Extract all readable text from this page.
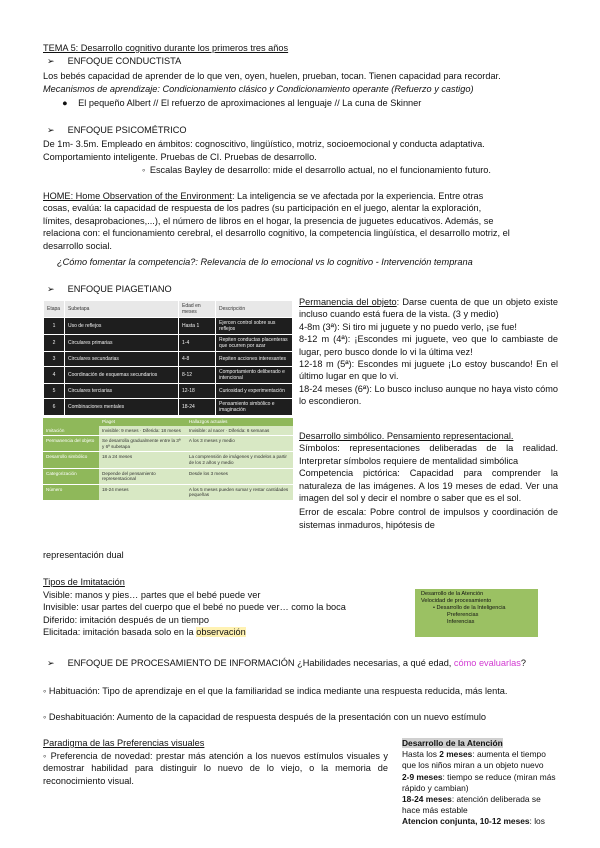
TEMA 5: Desarrollo cognitivo durante los primeros tres años
➢ ENFOQUE CONDUCTISTA
Los bebés capacidad de aprender de lo que ven, oyen, huelen, prueban, tocan. Tienen capacidad para recordar.
Mecanismos de aprendizaje: Condicionamiento clásico y Condicionamiento operante (Refuerzo y castigo)
● El pequeño Albert // El refuerzo de aproximaciones al lenguaje // La cuna de Skinner
➢ ENFOQUE PSICOMÉTRICO
De 1m- 3.5m. Empleado en ámbitos: cognoscitivo, lingüístico, motriz, socioemocional y conducta adaptativa.
Comportamiento inteligente. Pruebas de CI. Pruebas de desarrollo.
◦ Escalas Bayley de desarrollo: mide el desarrollo actual, no el funcionamiento futuro.
HOME: Home Observation of the Environment: La inteligencia se ve afectada por la experiencia. Entre otras
cosas, evalúa: la capacidad de respuesta de los padres (su participación en el juego, alentar la exploración,
límites, desaprobaciones,...), el número de libros en el hogar, la presencia de juguetes educativos. Además, se
relaciona con: el funcionamiento cerebral, el desarrollo cognitivo, la competencia lingüística, el desarrollo motriz, el
desarrollo social.
¿Cómo fomentar la competencia?: Relevancia de lo emocional vs lo cognitivo - Intervención temprana
➢ ENFOQUE PIAGETIANO
Etapa	Subetapa	Edad en meses	Descripción
1	Uso de reflejos	Hasta 1	Ejercen control sobre sus reflejos
2	Circulares primarias	1-4	Repiten conductas placenteras que ocurren por azar
3	Circulares secundarias	4-8	Repiten acciones interesantes
4	Coordinación de esquemas secundarios	8-12	Comportamiento deliberado e intencional
5	Circulares terciarias	12-18	Curiosidad y experimentación
6	Combinaciones mentales	18-24	Pensamiento simbólico e imaginación
	Piaget	Hallazgos actuales
Imitación	Invisible: 9 meses · Diferida: 18 meses	Invisible: al nacer · Diferida: 6 semanas
Permanencia del objeto	Se desarrolla gradualmente entre la 3ª y 6ª subetapa	A los 3 meses y medio
Desarrollo simbólico	18 a 24 meses	La comprensión de imágenes y modelos a partir de los 2 años y medio
Categorización	Depende del pensamiento representacional	Desde los 3 meses
Número	18-24 meses	A los 5 meses pueden sumar y restar cantidades pequeñas
Permanencia del objeto: Darse cuenta de que un objeto existe incluso cuando está fuera de la vista. (3 y medio)
4-8m (3ª): Si tiro mi juguete y no puedo verlo, ¡se fue!
8-12 m (4ª): ¡Escondes mi juguete, veo que lo cambiaste de lugar, pero busco donde lo vi la última vez!
12-18 m (5ª): Escondes mi juguete ¡Lo estoy buscando! En el último lugar en que lo vi.
18-24 meses (6ª): Lo busco incluso aunque no haya visto cómo lo escondieron.
Desarrollo simbólico. Pensamiento representacional.
Símbolos: representaciones deliberadas de la realidad. Interpretar símbolos requiere de mentalidad simbólica
Competencia pictórica: Capacidad para comprender la naturaleza de las imágenes. A los 19 meses de edad. Ver una imagen del sol y decir el nombre o saber que es el sol.
Error de escala: Pobre control de impulsos y coordinación de sistemas inmaduros, hipótesis de
representación dual
Tipos de Imitatación
Visible: manos y pies… partes que el bebé puede ver
Invisible: usar partes del cuerpo que el bebé no puede ver… como la boca
Diferido: imitación después de un tiempo
Elicitada: imitación basada solo en la observación
Desarrollo de la Atención
Velocidad de procesamiento
• Desarrollo de la Inteligencia
Preferencias
Inferencias
➢ ENFOQUE DE PROCESAMIENTO DE INFORMACIÓN ¿Habilidades necesarias, a qué edad, cómo evaluarlas?
◦ Habituación: Tipo de aprendizaje en el que la familiaridad se indica mediante una respuesta reducida, más lenta.
◦ Deshabituación: Aumento de la capacidad de respuesta después de la presentación con un nuevo estímulo
Paradigma de las Preferencias visuales
◦ Preferencia de novedad: prestar más atención a los nuevos estímulos visuales y demostrar habilidad para distinguir lo nuevo de lo viejo, o la memoria de reconocimiento visual.
Desarrollo de la Atención
Hasta los 2 meses: aumenta el tiempo que los niños miran a un objeto nuevo
2-9 meses: tiempo se reduce (miran más rápido y cambian)
18-24 meses: atención deliberada se hace más estable
Atencion conjunta, 10-12 meses: los
